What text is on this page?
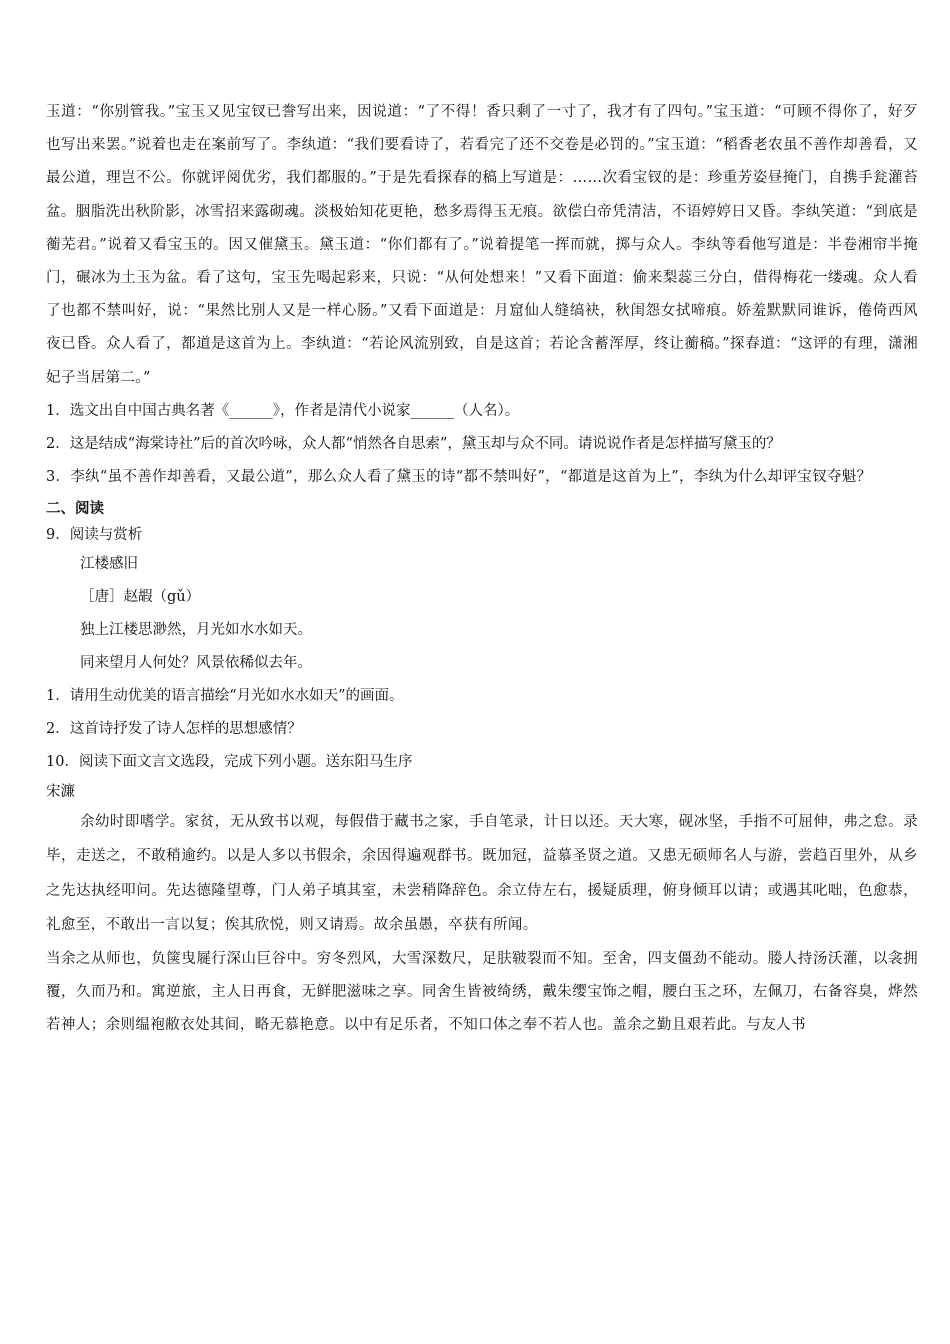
玉道：“你别管我。”宝玉又见宝钗已誊写出来，因说道：“了不得！香只剩了一寸了，我才有了四句。”宝玉道：“可顾不得你了，好歹也写出来罢。”说着也走在案前写了。李纨道：“我们要看诗了，若看完了还不交卷是必罚的。”宝玉道：“稻香老农虽不善作却善看，又最公道，理岂不公。你就评阅优劣，我们都服的。”于是先看探春的稿上写道是：……次看宝钗的是：珍重芳姿昼掩门，自携手瓮灌苔盆。胭脂洗出秋阶影，冰雪招来露砌魂。淡极始知花更艳，愁多焉得玉无痕。欲偿白帝凭清洁，不语婷婷日又昏。李纨笑道：“到底是蘅芜君。”说着又看宝玉的。因又催黛玉。黛玉道：“你们都有了。”说着提笔一挥而就，掷与众人。李纨等看他写道是：半卷湘帘半掩门，碾冰为土玉为盆。看了这句，宝玉先喝起彩来，只说：“从何处想来！”又看下面道：偷来梨蕊三分白，借得梅花一缕魂。众人看了也都不禁叫好，说：“果然比别人又是一样心肠。”又看下面道是：月窟仙人缝缟袂，秋闺怨女拭啼痕。娇羞默默同谁诉，倦倚西风夜已昏。众人看了，都道是这首为上。李纨道：“若论风流别致，自是这首；若论含蓄浑厚，终让蘅稿。”探春道：“这评的有理，潇湘妃子当居第二。”

1．选文出自中国古典名著《______》，作者是清代小说家______（人名）。

2．这是结成“海棠诗社”后的首次吟咏，众人都“悄然各自思索”，黛玉却与众不同。请说说作者是怎样描写黛玉的？

3．李纨“虽不善作却善看，又最公道”，那么众人看了黛玉的诗“都不禁叫好”，“都道是这首为上”，李纨为什么却评宝钗夺魁？

二、阅读

9．阅读与赏析

江楼感旧

［唐］赵嘏（gǔ）

独上江楼思渺然，月光如水水如天。

同来望月人何处？风景依稀似去年。

1．请用生动优美的语言描绘“月光如水水如天”的画面。

2．这首诗抒发了诗人怎样的思想感情？

10．阅读下面文言文选段，完成下列小题。送东阳马生序

宋濂

余幼时即嗜学。家贫，无从致书以观，每假借于藏书之家，手自笔录，计日以还。天大寒，砚冰坚，手指不可屈伸，弗之怠。录毕，走送之，不敢稍逾约。以是人多以书假余，余因得遍观群书。既加冠，益慕圣贤之道。又患无硕师名人与游，尝趋百里外，从乡之先达执经叩问。先达德隆望尊，门人弟子填其室，未尝稍降辞色。余立侍左右，援疑质理，俯身倾耳以请；或遇其叱咄，色愈恭，礼愈至，不敢出一言以复；俟其欣悦，则又请焉。故余虽愚，卒获有所闻。

当余之从师也，负箧曳屣行深山巨谷中。穷冬烈风，大雪深数尺，足肤皲裂而不知。至舍，四支僵劲不能动。媵人持汤沃灌，以衾拥覆，久而乃和。寓逆旅，主人日再食，无鲜肥滋味之享。同舍生皆被绮绣，戴朱缨宝饰之帽，腰白玉之环，左佩刀，右备容臭，烨然若神人；余则缊袍敝衣处其间，略无慕艳意。以中有足乐者，不知口体之奉不若人也。盖余之勤且艰若此。与友人书
